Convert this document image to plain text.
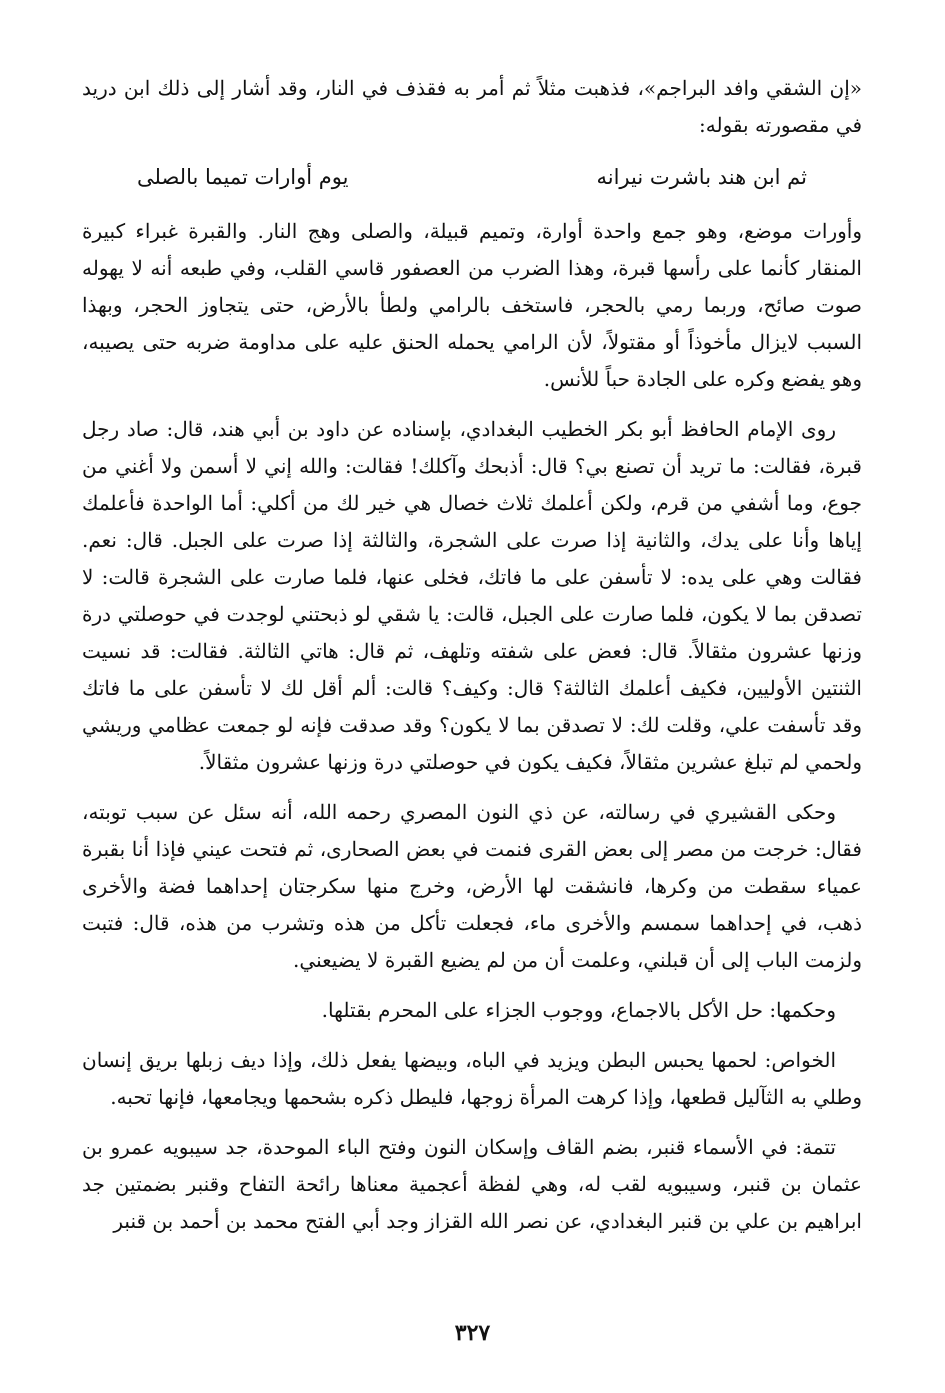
«إن الشقي وافد البراجم»، فذهبت مثلاً ثم أمر به فقذف في النار، وقد أشار إلى ذلك ابن دريد في مقصورته بقوله:

ثم ابن هند باشرت نيرانه
يوم أوارات تميما بالصلى

وأورات موضع، وهو جمع واحدة أوارة، وتميم قبيلة، والصلى وهج النار. والقبرة غبراء كبيرة المنقار كأنما على رأسها قبرة، وهذا الضرب من العصفور قاسي القلب، وفي طبعه أنه لا يهوله صوت صائح، وربما رمي بالحجر، فاستخف بالرامي ولطأ بالأرض، حتى يتجاوز الحجر، وبهذا السبب لايزال مأخوذاً أو مقتولاً، لأن الرامي يحمله الحنق عليه على مداومة ضربه حتى يصيبه، وهو يفضع وكره على الجادة حباً للأنس.

روى الإمام الحافظ أبو بكر الخطيب البغدادي، بإسناده عن داود بن أبي هند، قال: صاد رجل قبرة، فقالت: ما تريد أن تصنع بي؟ قال: أذبحك وآكلك! فقالت: والله إني لا أسمن ولا أغني من جوع، وما أشفي من قرم، ولكن أعلمك ثلاث خصال هي خير لك من أكلي: أما الواحدة فأعلمك إياها وأنا على يدك، والثانية إذا صرت على الشجرة، والثالثة إذا صرت على الجبل. قال: نعم. فقالت وهي على يده: لا تأسفن على ما فاتك، فخلى عنها، فلما صارت على الشجرة قالت: لا تصدقن بما لا يكون، فلما صارت على الجبل، قالت: يا شقي لو ذبحتني لوجدت في حوصلتي درة وزنها عشرون مثقالاً. قال: فعض على شفته وتلهف، ثم قال: هاتي الثالثة. فقالت: قد نسيت الثنتين الأوليين، فكيف أعلمك الثالثة؟ قال: وكيف؟ قالت: ألم أقل لك لا تأسفن على ما فاتك وقد تأسفت علي، وقلت لك: لا تصدقن بما لا يكون؟ وقد صدقت فإنه لو جمعت عظامي وريشي ولحمي لم تبلغ عشرين مثقالاً، فكيف يكون في حوصلتي درة وزنها عشرون مثقالاً.

وحكى القشيري في رسالته، عن ذي النون المصري رحمه الله، أنه سئل عن سبب توبته، فقال: خرجت من مصر إلى بعض القرى فنمت في بعض الصحارى، ثم فتحت عيني فإذا أنا بقبرة عمياء سقطت من وكرها، فانشقت لها الأرض، وخرج منها سكرجتان إحداهما فضة والأخرى ذهب، في إحداهما سمسم والأخرى ماء، فجعلت تأكل من هذه وتشرب من هذه، قال: فتبت ولزمت الباب إلى أن قبلني، وعلمت أن من لم يضيع القبرة لا يضيعني.

وحكمها: حل الأكل بالاجماع، ووجوب الجزاء على المحرم بقتلها.

الخواص: لحمها يحبس البطن ويزيد في الباه، وبيضها يفعل ذلك، وإذا ديف زبلها بريق إنسان وطلي به الثآليل قطعها، وإذا كرهت المرأة زوجها، فليطل ذكره بشحمها ويجامعها، فإنها تحبه.

تتمة: في الأسماء قنبر، بضم القاف وإسكان النون وفتح الباء الموحدة، جد سيبويه عمرو بن عثمان بن قنبر، وسيبويه لقب له، وهي لفظة أعجمية معناها رائحة التفاح وقنبر بضمتين جد ابراهيم بن علي بن قنبر البغدادي، عن نصر الله القزاز وجد أبي الفتح محمد بن أحمد بن قنبر

٣٢٧
